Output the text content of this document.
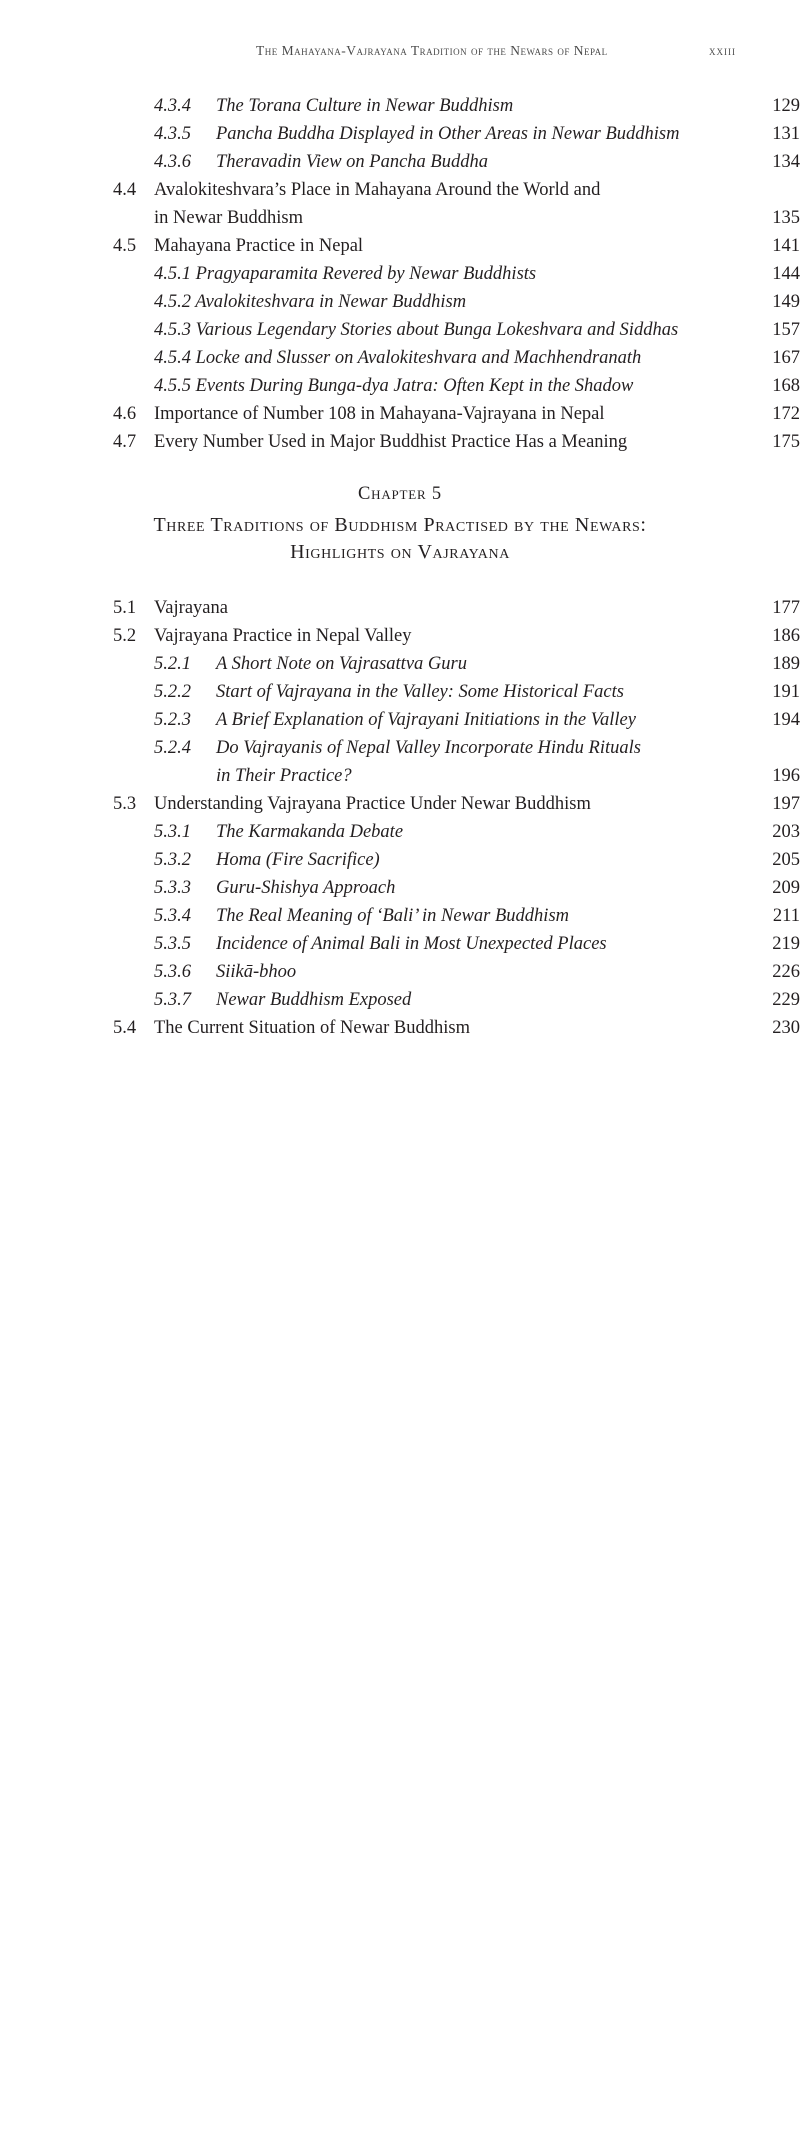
The Mahayana-Vajrayana Tradition of the Newars of Nepal	xxiii
4.3.4 The Torana Culture in Newar Buddhism	129
4.3.5 Pancha Buddha Displayed in Other Areas in Newar Buddhism	131
4.3.6 Theravadin View on Pancha Buddha	134
4.4 Avalokiteshvara’s Place in Mahayana Around the World and
in Newar Buddhism	135
4.5 Mahayana Practice in Nepal	141
4.5.1 Pragyaparamita Revered by Newar Buddhists	144
4.5.2 Avalokiteshvara in Newar Buddhism	149
4.5.3 Various Legendary Stories about Bunga Lokeshvara and Siddhas	157
4.5.4 Locke and Slusser on Avalokiteshvara and Machhendranath	167
4.5.5 Events During Bunga-dya Jatra: Often Kept in the Shadow	168
4.6 Importance of Number 108 in Mahayana-Vajrayana in Nepal	172
4.7 Every Number Used in Major Buddhist Practice Has a Meaning	175
Chapter 5
Three Traditions of Buddhism Practised by the Newars:
Highlights on Vajrayana
5.1 Vajrayana	177
5.2 Vajrayana Practice in Nepal Valley	186
5.2.1 A Short Note on Vajrasattva Guru	189
5.2.2 Start of Vajrayana in the Valley: Some Historical Facts	191
5.2.3 A Brief Explanation of Vajrayani Initiations in the Valley	194
5.2.4 Do Vajrayanis of Nepal Valley Incorporate Hindu Rituals
in Their Practice?	196
5.3 Understanding Vajrayana Practice Under Newar Buddhism	197
5.3.1 The Karmakanda Debate	203
5.3.2 Homa (Fire Sacrifice)	205
5.3.3 Guru-Shishya Approach	209
5.3.4 The Real Meaning of ‘Bali’ in Newar Buddhism	211
5.3.5 Incidence of Animal Bali in Most Unexpected Places	219
5.3.6 Siikā-bhoo	226
5.3.7 Newar Buddhism Exposed	229
5.4 The Current Situation of Newar Buddhism	230
